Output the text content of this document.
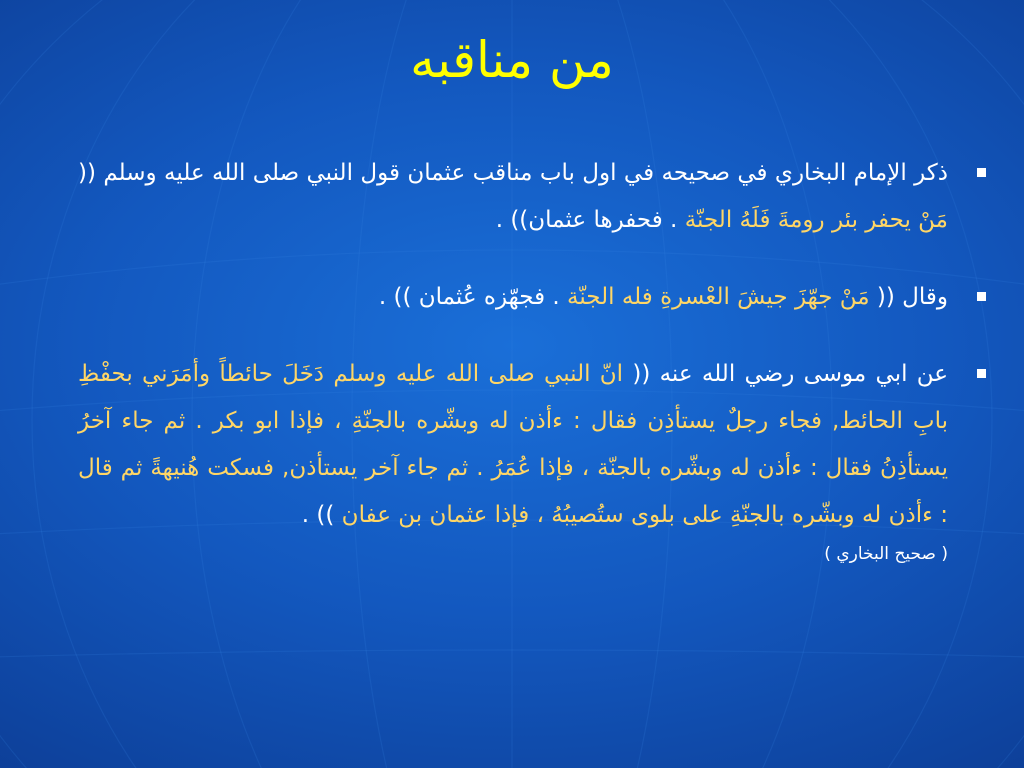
من مناقبه
ذكر الإمام البخاري في صحيحه في اول باب مناقب عثمان قول النبي صلى الله عليه وسلم (( مَنْ يحفر بئر رومةَ فَلَهُ الجنّة . فحفرها عثمان)) .
وقال (( مَنْ جهّزَ جيشَ العْسرةِ فله الجنّة . فجهّزه عُثمان )) .
عن ابي موسى رضي الله عنه (( انّ النبي صلى الله عليه وسلم دَخَلَ حائطاً وأمَرَني بحفْظِ بابِ الحائط, فجاء رجلٌ يستأذِن فقال : ءأذن له وبشّره بالجنّةِ ، فإذا ابو بكر . ثم جاء آخرُ يستأذِنُ فقال : ءأذن له وبشّره بالجنّة ، فإذا عُمَرُ . ثم جاء آخر يستأذن, فسكت هُنيهةً ثم قال : ءأذن له وبشّره بالجنّةِ على بلوى ستُصيبُهُ ، فإذا عثمان بن عفان )) .
( صحيح البخاري )
